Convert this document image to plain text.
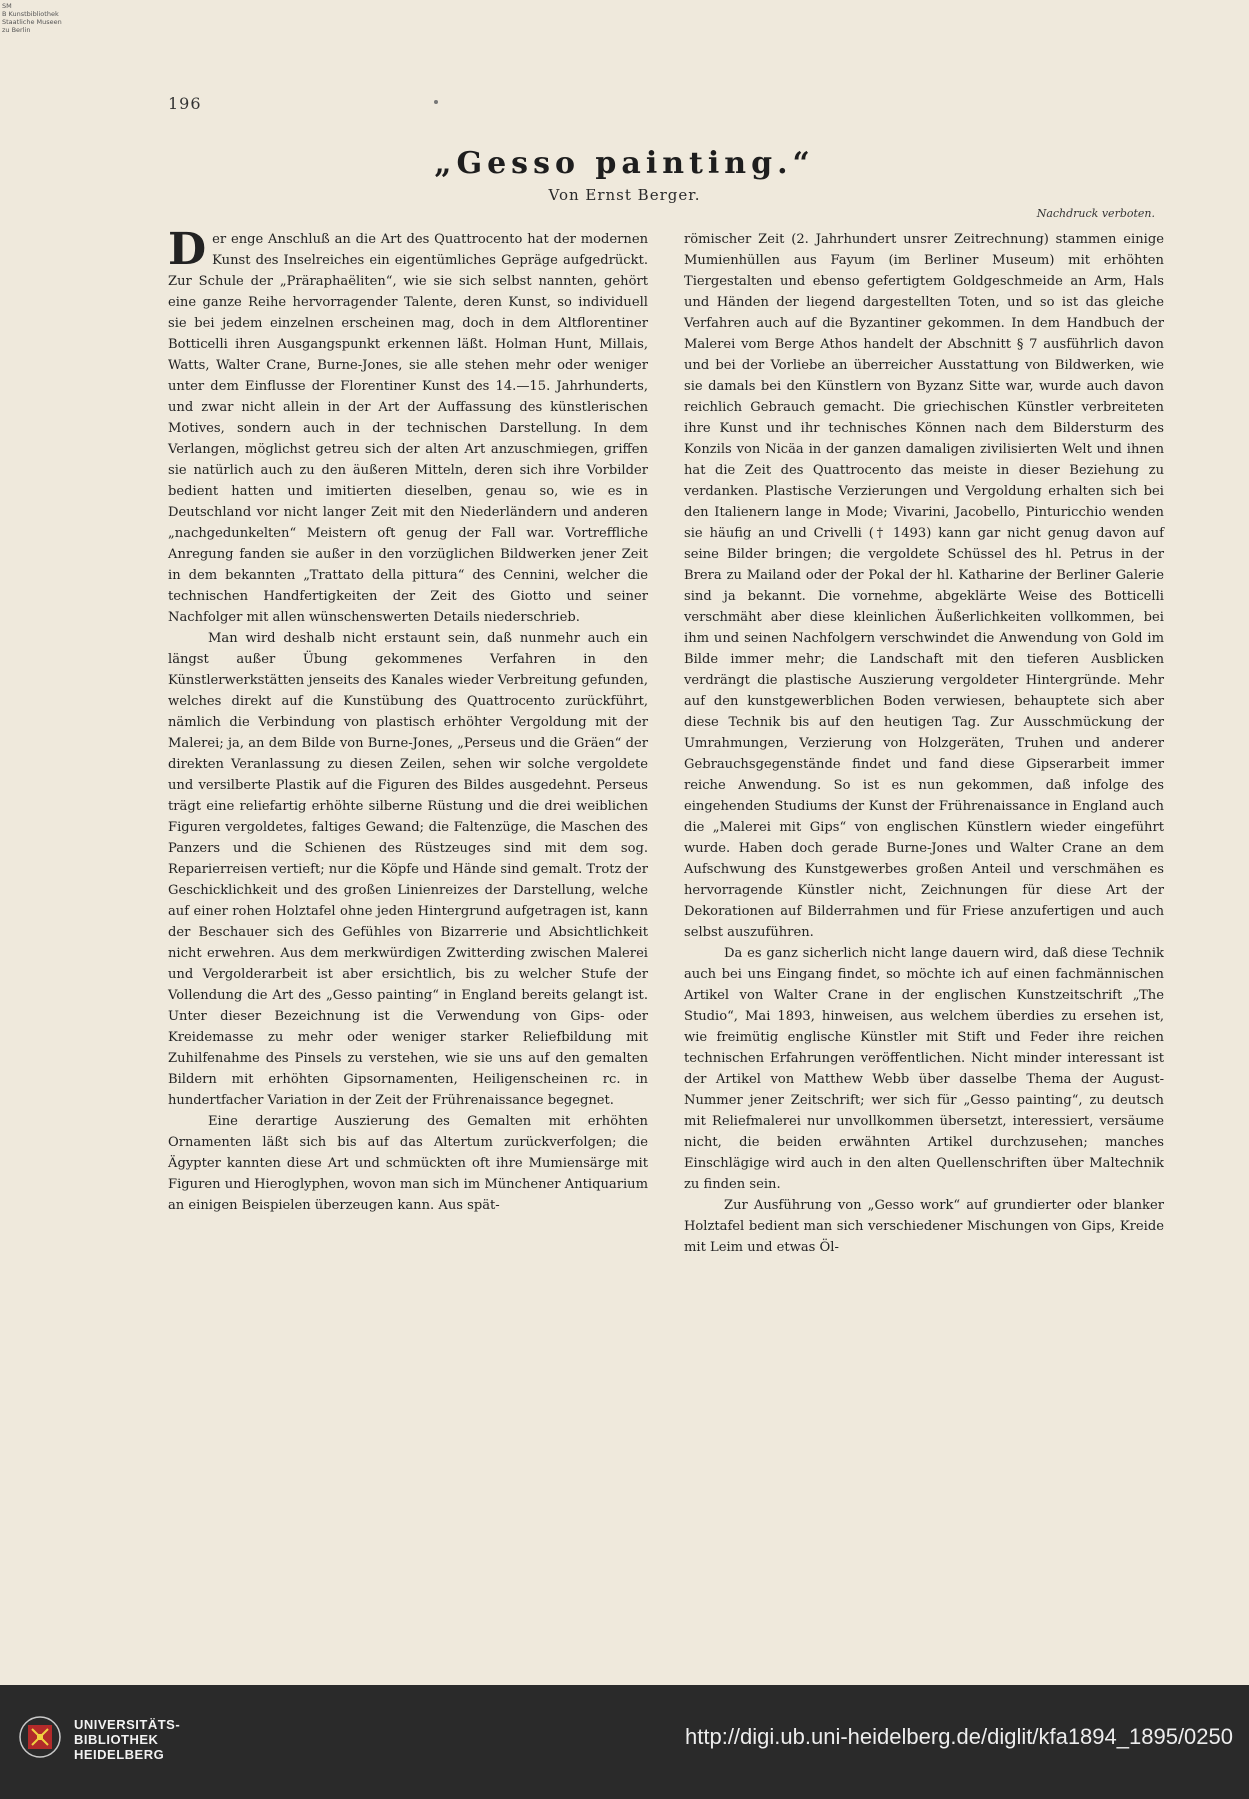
SM
B Kunstbibliothek
Staatliche Museen
zu Berlin
196
„Gesso painting.“
Von Ernst Berger.
Nachdruck verboten.

Der enge Anschluß an die Art des Quattrocento hat der modernen Kunst des Inselreiches ein eigentümliches Gepräge aufgedrückt. Zur Schule der „Präraphaëliten“, wie sie sich selbst nannten, gehört eine ganze Reihe hervorragender Talente, deren Kunst, so individuell sie bei jedem einzelnen erscheinen mag, doch in dem Altflorentiner Botticelli ihren Ausgangspunkt erkennen läßt. Holman Hunt, Millais, Watts, Walter Crane, Burne-Jones, sie alle stehen mehr oder weniger unter dem Einflusse der Florentiner Kunst des 14.—15. Jahrhunderts, und zwar nicht allein in der Art der Auffassung des künstlerischen Motives, sondern auch in der technischen Darstellung. In dem Verlangen, möglichst getreu sich der alten Art anzuschmiegen, griffen sie natürlich auch zu den äußeren Mitteln, deren sich ihre Vorbilder bedient hatten und imitierten dieselben, genau so, wie es in Deutschland vor nicht langer Zeit mit den Niederländern und anderen „nachgedunkelten“ Meistern oft genug der Fall war. Vortreffliche Anregung fanden sie außer in den vorzüglichen Bildwerken jener Zeit in dem bekannten „Trattato della pittura“ des Cennini, welcher die technischen Handfertigkeiten der Zeit des Giotto und seiner Nachfolger mit allen wünschenswerten Details niederschrieb.

Man wird deshalb nicht erstaunt sein, daß nunmehr auch ein längst außer Übung gekommenes Verfahren in den Künstlerwerkstätten jenseits des Kanales wieder Verbreitung gefunden, welches direkt auf die Kunstübung des Quattrocento zurückführt, nämlich die Verbindung von plastisch erhöhter Vergoldung mit der Malerei; ja, an dem Bilde von Burne-Jones, „Perseus und die Gräen“ der direkten Veranlassung zu diesen Zeilen, sehen wir solche vergoldete und versilberte Plastik auf die Figuren des Bildes ausgedehnt. Perseus trägt eine reliefartig erhöhte silberne Rüstung und die drei weiblichen Figuren vergoldetes, faltiges Gewand; die Faltenzüge, die Maschen des Panzers und die Schienen des Rüstzeuges sind mit dem sog. Reparierreisen vertieft; nur die Köpfe und Hände sind gemalt. Trotz der Geschicklichkeit und des großen Linienreizes der Darstellung, welche auf einer rohen Holztafel ohne jeden Hintergrund aufgetragen ist, kann der Beschauer sich des Gefühles von Bizarrerie und Absichtlichkeit nicht erwehren. Aus dem merkwürdigen Zwitterding zwischen Malerei und Vergolderarbeit ist aber ersichtlich, bis zu welcher Stufe der Vollendung die Art des „Gesso painting“ in England bereits gelangt ist. Unter dieser Bezeichnung ist die Verwendung von Gips- oder Kreidemasse zu mehr oder weniger starker Reliefbildung mit Zuhilfenahme des Pinsels zu verstehen, wie sie uns auf den gemalten Bildern mit erhöhten Gipsornamenten, Heiligenscheinen rc. in hundertfacher Variation in der Zeit der Frührenaissance begegnet.

Eine derartige Auszierung des Gemalten mit erhöhten Ornamenten läßt sich bis auf das Altertum zurückverfolgen; die Ägypter kannten diese Art und schmückten oft ihre Mumiensärge mit Figuren und Hieroglyphen, wovon man sich im Münchener Antiquarium an einigen Beispielen überzeugen kann. Aus spät-

römischer Zeit (2. Jahrhundert unsrer Zeitrechnung) stammen einige Mumienhüllen aus Fayum (im Berliner Museum) mit erhöhten Tiergestalten und ebenso gefertigtem Goldgeschmeide an Arm, Hals und Händen der liegend dargestellten Toten, und so ist das gleiche Verfahren auch auf die Byzantiner gekommen. In dem Handbuch der Malerei vom Berge Athos handelt der Abschnitt § 7 ausführlich davon und bei der Vorliebe an überreicher Ausstattung von Bildwerken, wie sie damals bei den Künstlern von Byzanz Sitte war, wurde auch davon reichlich Gebrauch gemacht. Die griechischen Künstler verbreiteten ihre Kunst und ihr technisches Können nach dem Bildersturm des Konzils von Nicäa in der ganzen damaligen zivilisierten Welt und ihnen hat die Zeit des Quattrocento das meiste in dieser Beziehung zu verdanken. Plastische Verzierungen und Vergoldung erhalten sich bei den Italienern lange in Mode; Vivarini, Jacobello, Pinturicchio wenden sie häufig an und Crivelli († 1493) kann gar nicht genug davon auf seine Bilder bringen; die vergoldete Schüssel des hl. Petrus in der Brera zu Mailand oder der Pokal der hl. Katharine der Berliner Galerie sind ja bekannt. Die vornehme, abgeklärte Weise des Botticelli verschmäht aber diese kleinlichen Äußerlichkeiten vollkommen, bei ihm und seinen Nachfolgern verschwindet die Anwendung von Gold im Bilde immer mehr; die Landschaft mit den tieferen Ausblicken verdrängt die plastische Auszierung vergoldeter Hintergründe. Mehr auf den kunstgewerblichen Boden verwiesen, behauptete sich aber diese Technik bis auf den heutigen Tag. Zur Ausschmückung der Umrahmungen, Verzierung von Holzgeräten, Truhen und anderer Gebrauchsgegenstände findet und fand diese Gipserarbeit immer reiche Anwendung. So ist es nun gekommen, daß infolge des eingehenden Studiums der Kunst der Frührenaissance in England auch die „Malerei mit Gips“ von englischen Künstlern wieder eingeführt wurde. Haben doch gerade Burne-Jones und Walter Crane an dem Aufschwung des Kunstgewerbes großen Anteil und verschmähen es hervorragende Künstler nicht, Zeichnungen für diese Art der Dekorationen auf Bilderrahmen und für Friese anzufertigen und auch selbst auszuführen.

Da es ganz sicherlich nicht lange dauern wird, daß diese Technik auch bei uns Eingang findet, so möchte ich auf einen fachmännischen Artikel von Walter Crane in der englischen Kunstzeitschrift „The Studio“, Mai 1893, hinweisen, aus welchem überdies zu ersehen ist, wie freimütig englische Künstler mit Stift und Feder ihre reichen technischen Erfahrungen veröffentlichen. Nicht minder interessant ist der Artikel von Matthew Webb über dasselbe Thema der August-Nummer jener Zeitschrift; wer sich für „Gesso painting“, zu deutsch mit Reliefmalerei nur unvollkommen übersetzt, interessiert, versäume nicht, die beiden erwähnten Artikel durchzusehen; manches Einschlägige wird auch in den alten Quellenschriften über Maltechnik zu finden sein.

Zur Ausführung von „Gesso work“ auf grundierter oder blanker Holztafel bedient man sich verschiedener Mischungen von Gips, Kreide mit Leim und etwas Öl-

UNIVERSITÄTS-
BIBLIOTHEK
HEIDELBERG
http://digi.ub.uni-heidelberg.de/diglit/kfa1894_1895/0250
